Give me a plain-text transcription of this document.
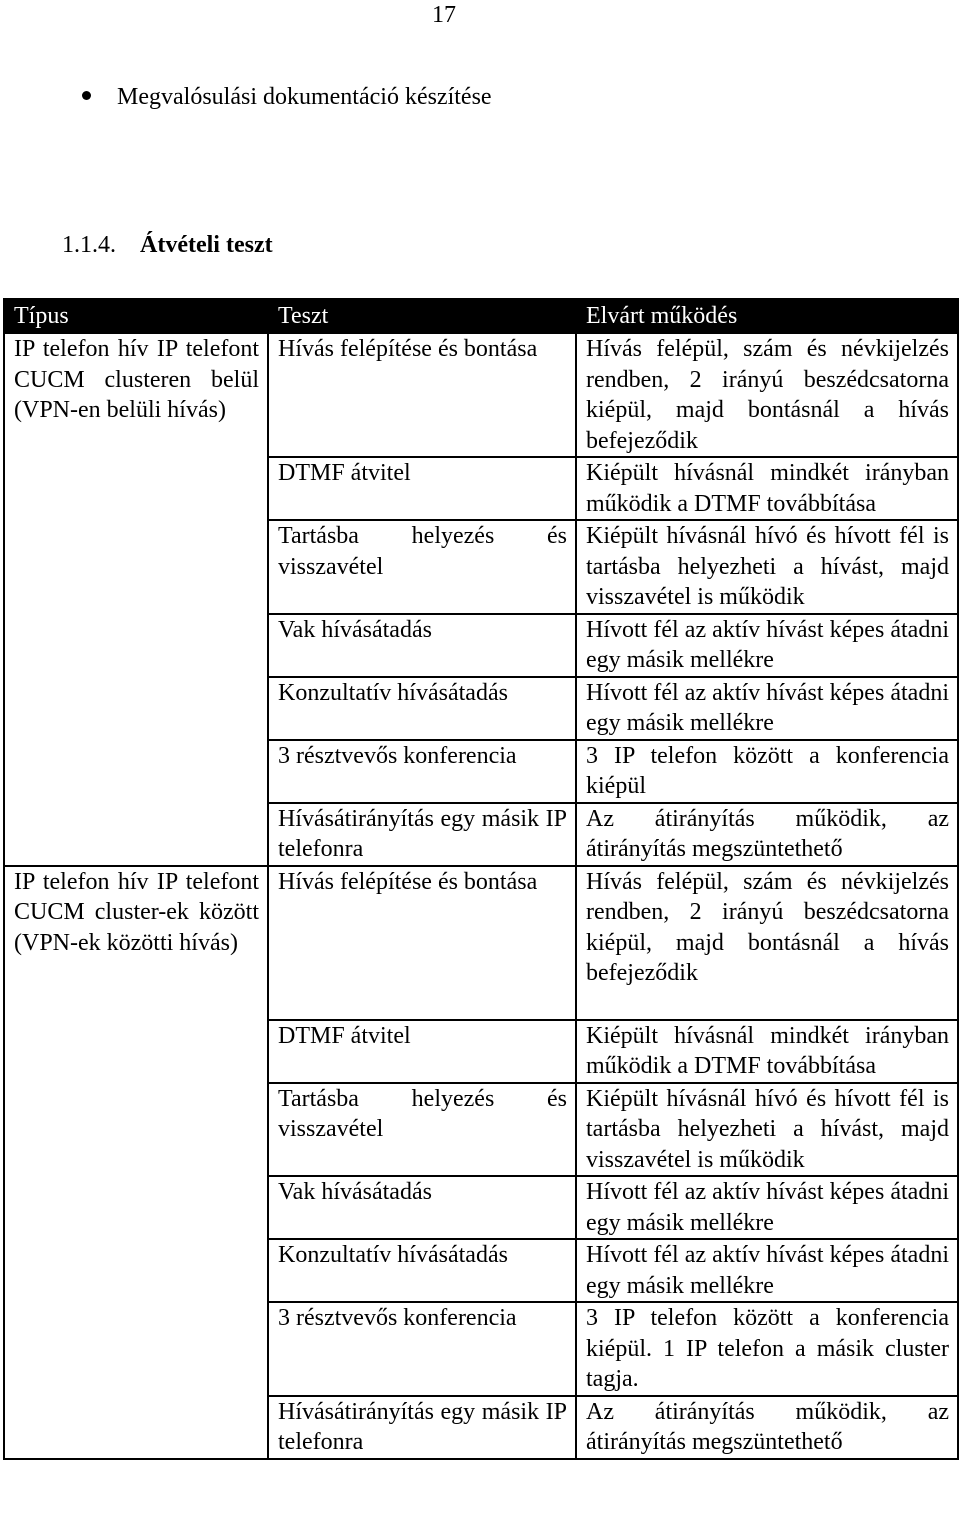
17
Megvalósulási dokumentáció készítése
1.1.4. Átvételi teszt
Típus	Teszt	Elvárt működés
IP telefon hív IP telefont CUCM clusteren belül (VPN-en belüli hívás)	Hívás felépítése és bontása	Hívás felépül, szám és névkijelzés rendben, 2 irányú beszédcsatorna kiépül, majd bontásnál a hívás befejeződik
	DTMF átvitel	Kiépült hívásnál mindkét irányban működik a DTMF továbbítása
	Tartásba helyezés és visszavétel	Kiépült hívásnál hívó és hívott fél is tartásba helyezheti a hívást, majd visszavétel is működik
	Vak hívásátadás	Hívott fél az aktív hívást képes átadni egy másik mellékre
	Konzultatív hívásátadás	Hívott fél az aktív hívást képes átadni egy másik mellékre
	3 résztvevős konferencia	3 IP telefon között a konferencia kiépül
	Hívásátirányítás egy másik IP telefonra	Az átirányítás működik, az átirányítás megszüntethető
IP telefon hív IP telefont CUCM cluster-ek között (VPN-ek közötti hívás)	Hívás felépítése és bontása	Hívás felépül, szám és névkijelzés rendben, 2 irányú beszédcsatorna kiépül, majd bontásnál a hívás befejeződik
	DTMF átvitel	Kiépült hívásnál mindkét irányban működik a DTMF továbbítása
	Tartásba helyezés és visszavétel	Kiépült hívásnál hívó és hívott fél is tartásba helyezheti a hívást, majd visszavétel is működik
	Vak hívásátadás	Hívott fél az aktív hívást képes átadni egy másik mellékre
	Konzultatív hívásátadás	Hívott fél az aktív hívást képes átadni egy másik mellékre
	3 résztvevős konferencia	3 IP telefon között a konferencia kiépül. 1 IP telefon a másik cluster tagja.
	Hívásátirányítás egy másik IP telefonra	Az átirányítás működik, az átirányítás megszüntethető
